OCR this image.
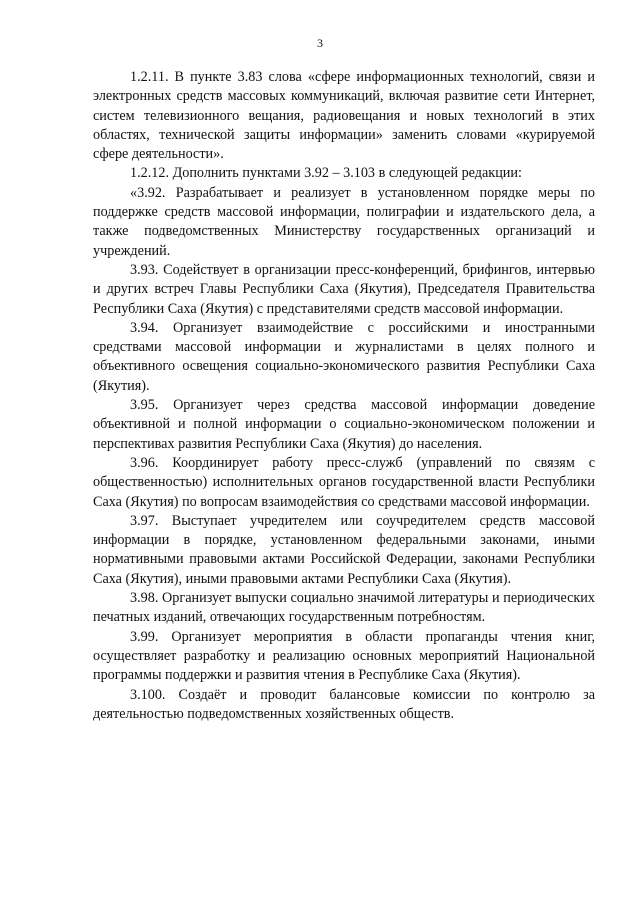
3

1.2.11. В пункте 3.83 слова «сфере информационных технологий, связи и электронных средств массовых коммуникаций, включая развитие сети Интернет, систем телевизионного вещания, радиовещания и новых технологий в этих областях, технической защиты информации» заменить словами «курируемой сфере деятельности».

1.2.12. Дополнить пунктами 3.92 – 3.103 в следующей редакции:

«3.92. Разрабатывает и реализует в установленном порядке меры по поддержке средств массовой информации, полиграфии и издательского дела, а также подведомственных Министерству государственных организаций и учреждений.

3.93. Содействует в организации пресс-конференций, брифингов, интервью и других встреч Главы Республики Саха (Якутия), Председателя Правительства Республики Саха (Якутия) с представителями средств массовой информации.

3.94. Организует взаимодействие с российскими и иностранными средствами массовой информации и журналистами в целях полного и объективного освещения социально-экономического развития Республики Саха (Якутия).

3.95. Организует через средства массовой информации доведение объективной и полной информации о социально-экономическом положении и перспективах развития Республики Саха (Якутия) до населения.

3.96. Координирует работу пресс-служб (управлений по связям с общественностью) исполнительных органов государственной власти Республики Саха (Якутия) по вопросам взаимодействия со средствами массовой информации.

3.97. Выступает учредителем или соучредителем средств массовой информации в порядке, установленном федеральными законами, иными нормативными правовыми актами Российской Федерации, законами Республики Саха (Якутия), иными правовыми актами Республики Саха (Якутия).

3.98. Организует выпуски социально значимой литературы и периодических печатных изданий, отвечающих государственным потребностям.

3.99. Организует мероприятия в области пропаганды чтения книг, осуществляет разработку и реализацию основных мероприятий Национальной программы поддержки и развития чтения в Республике Саха (Якутия).

3.100. Создаёт и проводит балансовые комиссии по контролю за деятельностью подведомственных хозяйственных обществ.
